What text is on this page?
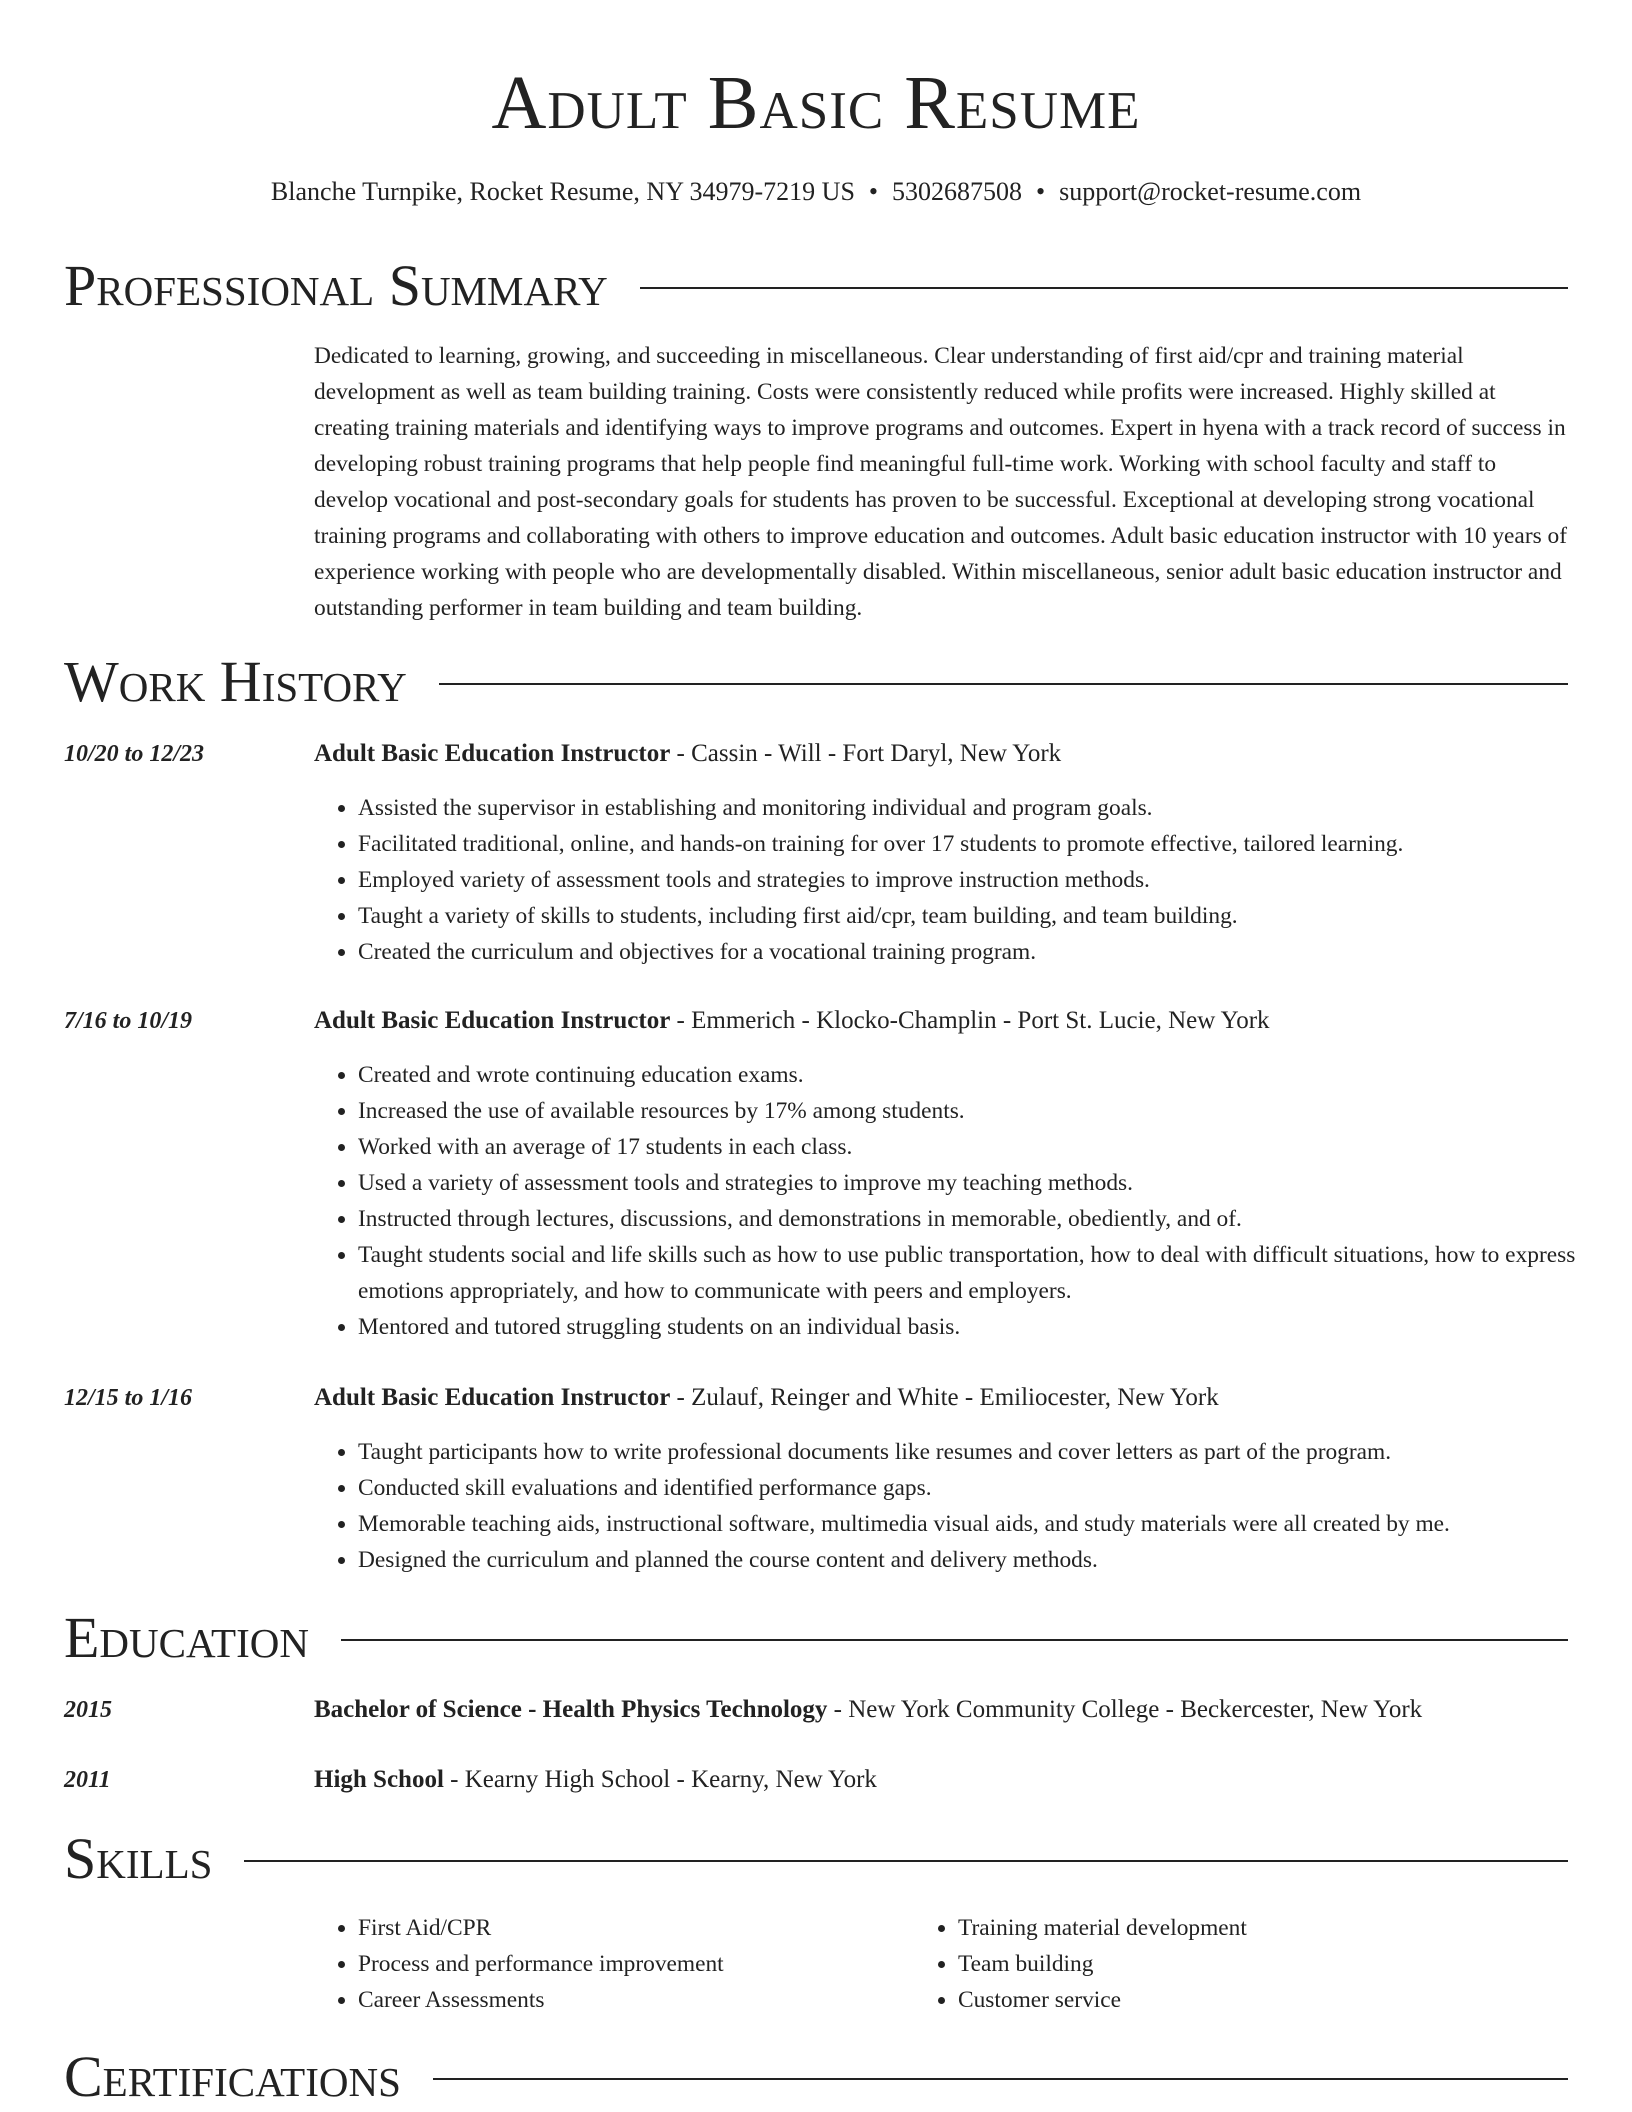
Adult Basic Resume
Blanche Turnpike, Rocket Resume, NY 34979-7219 US • 5302687508 • support@rocket-resume.com
Professional Summary

Dedicated to learning, growing, and succeeding in miscellaneous. Clear understanding of first aid/cpr and training material development as well as team building training. Costs were consistently reduced while profits were increased. Highly skilled at creating training materials and identifying ways to improve programs and outcomes. Expert in hyena with a track record of success in developing robust training programs that help people find meaningful full-time work. Working with school faculty and staff to develop vocational and post-secondary goals for students has proven to be successful. Exceptional at developing strong vocational training programs and collaborating with others to improve education and outcomes. Adult basic education instructor with 10 years of experience working with people who are developmentally disabled. Within miscellaneous, senior adult basic education instructor and outstanding performer in team building and team building.

Work History
10/20 to 12/23	Adult Basic Education Instructor - Cassin - Will - Fort Daryl, New York
• Assisted the supervisor in establishing and monitoring individual and program goals.
• Facilitated traditional, online, and hands-on training for over 17 students to promote effective, tailored learning.
• Employed variety of assessment tools and strategies to improve instruction methods.
• Taught a variety of skills to students, including first aid/cpr, team building, and team building.
• Created the curriculum and objectives for a vocational training program.
7/16 to 10/19	Adult Basic Education Instructor - Emmerich - Klocko-Champlin - Port St. Lucie, New York
• Created and wrote continuing education exams.
• Increased the use of available resources by 17% among students.
• Worked with an average of 17 students in each class.
• Used a variety of assessment tools and strategies to improve my teaching methods.
• Instructed through lectures, discussions, and demonstrations in memorable, obediently, and of.
• Taught students social and life skills such as how to use public transportation, how to deal with difficult situations, how to express emotions appropriately, and how to communicate with peers and employers.
• Mentored and tutored struggling students on an individual basis.
12/15 to 1/16	Adult Basic Education Instructor - Zulauf, Reinger and White - Emiliocester, New York
• Taught participants how to write professional documents like resumes and cover letters as part of the program.
• Conducted skill evaluations and identified performance gaps.
• Memorable teaching aids, instructional software, multimedia visual aids, and study materials were all created by me.
• Designed the curriculum and planned the course content and delivery methods.
Education
2015	Bachelor of Science - Health Physics Technology - New York Community College - Beckercester, New York
2011	High School - Kearny High School - Kearny, New York
Skills
• First Aid/CPR
• Process and performance improvement
• Career Assessments
• Training material development
• Team building
• Customer service
Certifications
